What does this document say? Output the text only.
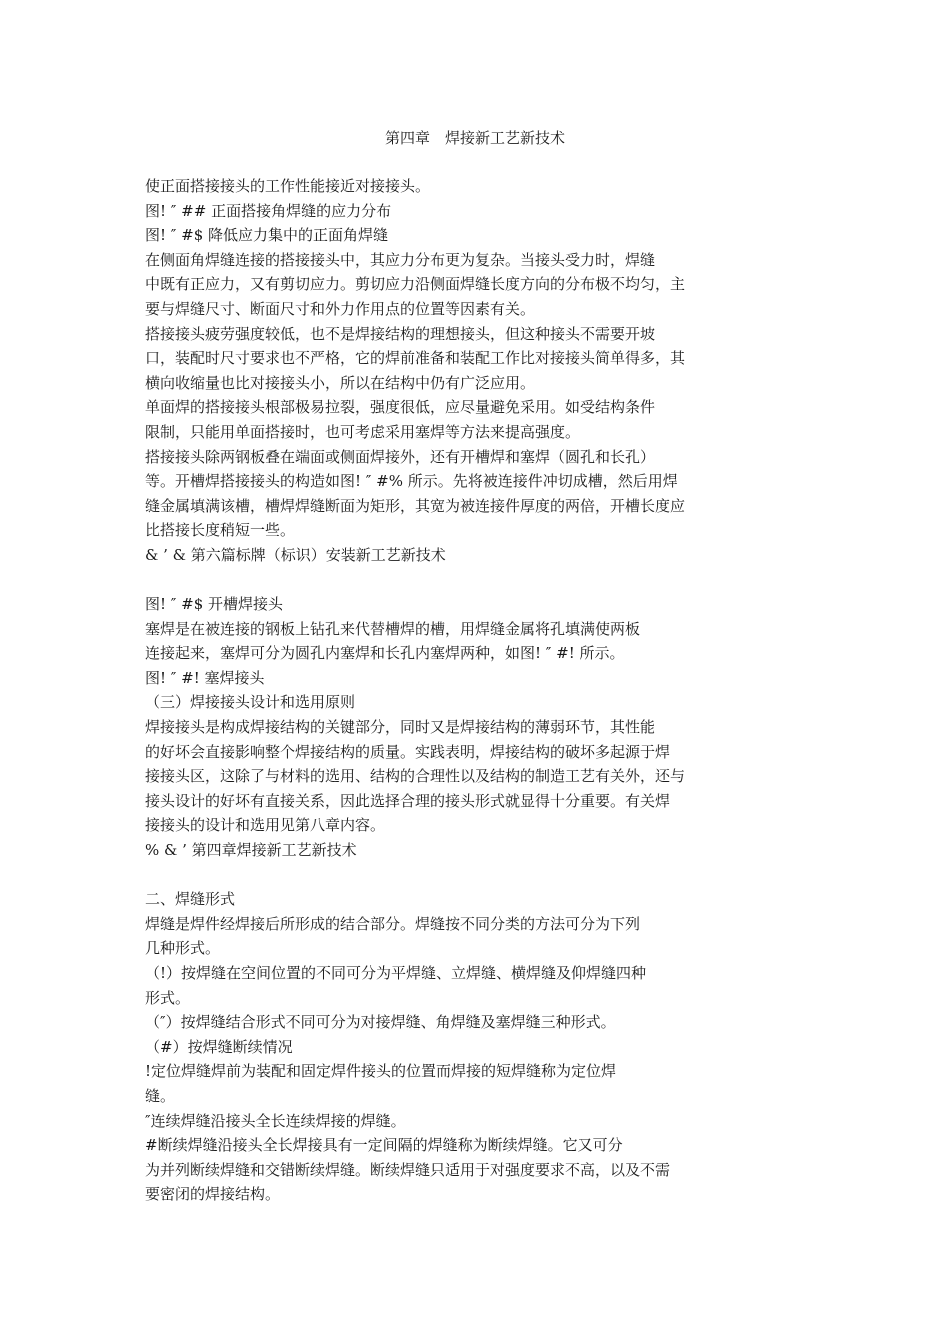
第四章　焊接新工艺新技术
使正面搭接接头的工作性能接近对接接头。
图! ″ ## 正面搭接角焊缝的应力分布
图! ″ #$ 降低应力集中的正面角焊缝
在侧面角焊缝连接的搭接接头中，其应力分布更为复杂。当接头受力时，焊缝
中既有正应力，又有剪切应力。剪切应力沿侧面焊缝长度方向的分布极不均匀，主
要与焊缝尺寸、断面尺寸和外力作用点的位置等因素有关。
搭接接头疲劳强度较低，也不是焊接结构的理想接头，但这种接头不需要开坡
口，装配时尺寸要求也不严格，它的焊前准备和装配工作比对接接头简单得多，其
横向收缩量也比对接接头小，所以在结构中仍有广泛应用。
单面焊的搭接接头根部极易拉裂，强度很低，应尽量避免采用。如受结构条件
限制，只能用单面搭接时，也可考虑采用塞焊等方法来提高强度。
搭接接头除两钢板叠在端面或侧面焊接外，还有开槽焊和塞焊（圆孔和长孔）
等。开槽焊搭接接头的构造如图! ″ #% 所示。先将被连接件冲切成槽，然后用焊
缝金属填满该槽，槽焊焊缝断面为矩形，其宽为被连接件厚度的两倍，开槽长度应
比搭接长度稍短一些。
& ’ & 第六篇标牌（标识）安装新工艺新技术
图! ″ #$ 开槽焊接头
塞焊是在被连接的钢板上钻孔来代替槽焊的槽，用焊缝金属将孔填满使两板
连接起来，塞焊可分为圆孔内塞焊和长孔内塞焊两种，如图! ″ #! 所示。
图! ″ #! 塞焊接头
（三）焊接接头设计和选用原则
焊接接头是构成焊接结构的关键部分，同时又是焊接结构的薄弱环节，其性能
的好坏会直接影响整个焊接结构的质量。实践表明，焊接结构的破坏多起源于焊
接接头区，这除了与材料的选用、结构的合理性以及结构的制造工艺有关外，还与
接头设计的好坏有直接关系，因此选择合理的接头形式就显得十分重要。有关焊
接接头的设计和选用见第八章内容。
% & ’ 第四章焊接新工艺新技术
二、焊缝形式
焊缝是焊件经焊接后所形成的结合部分。焊缝按不同分类的方法可分为下列
几种形式。
（!）按焊缝在空间位置的不同可分为平焊缝、立焊缝、横焊缝及仰焊缝四种
形式。
（″）按焊缝结合形式不同可分为对接焊缝、角焊缝及塞焊缝三种形式。
（#）按焊缝断续情况
!定位焊缝焊前为装配和固定焊件接头的位置而焊接的短焊缝称为定位焊
缝。
″连续焊缝沿接头全长连续焊接的焊缝。
#断续焊缝沿接头全长焊接具有一定间隔的焊缝称为断续焊缝。它又可分
为并列断续焊缝和交错断续焊缝。断续焊缝只适用于对强度要求不高，以及不需
要密闭的焊接结构。
